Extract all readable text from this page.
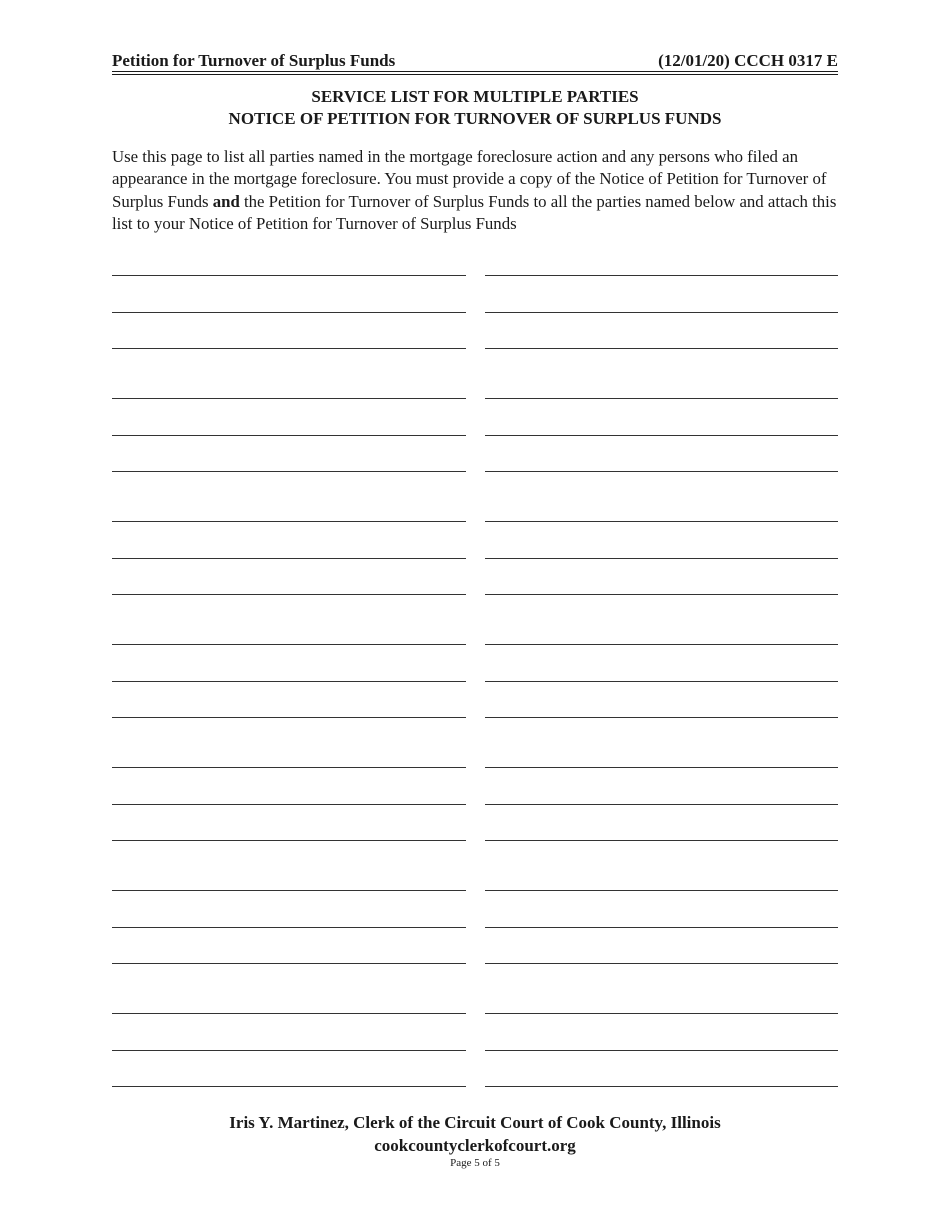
Petition for Turnover of Surplus Funds	(12/01/20) CCCH 0317 E
SERVICE LIST FOR MULTIPLE PARTIES
NOTICE OF PETITION FOR TURNOVER OF SURPLUS FUNDS

Use this page to list all parties named in the mortgage foreclosure action and any persons who filed an appearance in the mortgage foreclosure. You must provide a copy of the Notice of Petition for Turnover of Surplus Funds and the Petition for Turnover of Surplus Funds to all the parties named below and attach this list to your Notice of Petition for Turnover of Surplus Funds

Iris Y. Martinez, Clerk of the Circuit Court of Cook County, Illinois
cookcountyclerkofcourt.org
Page 5 of 5
